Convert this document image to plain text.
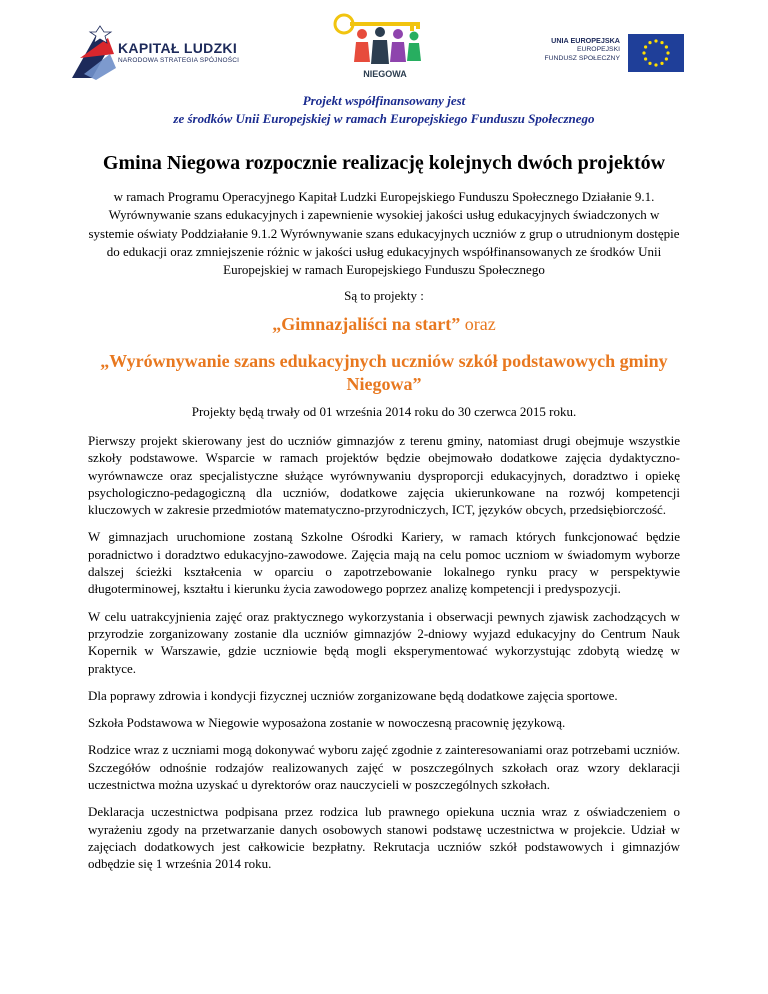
KAPITAŁ LUDZKI
NARODOWA STRATEGIA SPÓJNOŚCI
NIEGOWA
UNIA EUROPEJSKA
EUROPEJSKI
FUNDUSZ SPOŁECZNY
Projekt współfinansowany jest
ze środków Unii Europejskiej w ramach Europejskiego Funduszu Społecznego
Gmina Niegowa rozpocznie realizację kolejnych dwóch projektów
w ramach Programu Operacyjnego Kapitał Ludzki Europejskiego Funduszu Społecznego Działanie 9.1. Wyrównywanie szans edukacyjnych i zapewnienie wysokiej jakości usług edukacyjnych świadczonych w systemie oświaty Poddziałanie 9.1.2 Wyrównywanie szans edukacyjnych uczniów z grup o utrudnionym dostępie do edukacji oraz zmniejszenie różnic w jakości usług edukacyjnych współfinansowanych ze środków Unii Europejskiej w ramach Europejskiego Funduszu Społecznego
Są to projekty :
„Gimnazjaliści na start” oraz
„Wyrównywanie szans edukacyjnych uczniów szkół podstawowych gminy Niegowa”
Projekty będą trwały od 01 września 2014 roku do 30 czerwca 2015 roku.

Pierwszy projekt skierowany jest do uczniów gimnazjów z terenu gminy, natomiast drugi obejmuje wszystkie szkoły podstawowe. Wsparcie w ramach projektów będzie obejmowało dodatkowe zajęcia dydaktyczno-wyrównawcze oraz specjalistyczne służące wyrównywaniu dysproporcji edukacyjnych, doradztwo i opiekę psychologiczno-pedagogiczną dla uczniów, dodatkowe zajęcia ukierunkowane na rozwój kompetencji kluczowych w zakresie przedmiotów matematyczno-przyrodniczych, ICT, języków obcych, przedsiębiorczość.

W gimnazjach uruchomione zostaną Szkolne Ośrodki Kariery, w ramach których funkcjonować będzie poradnictwo i doradztwo edukacyjno-zawodowe. Zajęcia mają na celu pomoc uczniom w świadomym wyborze dalszej ścieżki kształcenia w oparciu o zapotrzebowanie lokalnego rynku pracy w perspektywie długoterminowej, kształtu i kierunku życia zawodowego poprzez analizę kompetencji i predyspozycji.

W celu uatrakcyjnienia zajęć oraz praktycznego wykorzystania i obserwacji pewnych zjawisk zachodzących w przyrodzie zorganizowany zostanie dla uczniów gimnazjów 2-dniowy wyjazd edukacyjny do Centrum Nauk Kopernik w Warszawie, gdzie uczniowie będą mogli eksperymentować wykorzystując zdobytą wiedzę w praktyce.

Dla poprawy zdrowia i kondycji fizycznej uczniów zorganizowane będą dodatkowe zajęcia sportowe.

Szkoła Podstawowa w Niegowie wyposażona zostanie w nowoczesną pracownię językową.

Rodzice wraz z uczniami mogą dokonywać wyboru zajęć zgodnie z zainteresowaniami oraz potrzebami uczniów. Szczegółów odnośnie rodzajów realizowanych zajęć w poszczególnych szkołach oraz wzory deklaracji uczestnictwa można uzyskać u dyrektorów oraz nauczycieli w poszczególnych szkołach.

Deklaracja uczestnictwa podpisana przez rodzica lub prawnego opiekuna ucznia wraz z oświadczeniem o wyrażeniu zgody na przetwarzanie danych osobowych stanowi podstawę uczestnictwa w projekcie. Udział w zajęciach dodatkowych jest całkowicie bezpłatny. Rekrutacja uczniów szkół podstawowych i gimnazjów odbędzie się 1 września 2014 roku.
